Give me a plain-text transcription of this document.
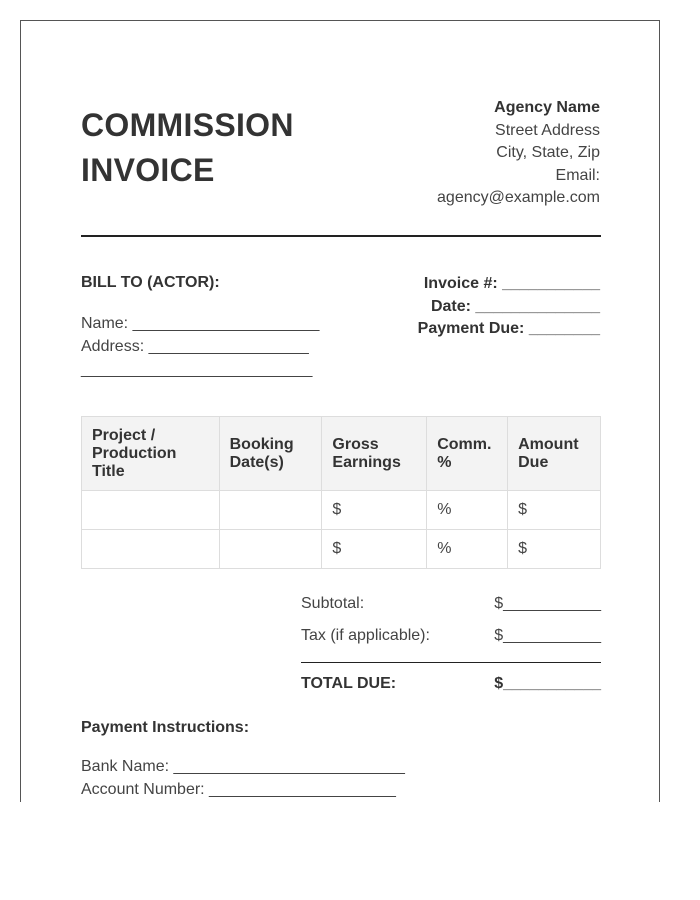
COMMISSION
INVOICE
Agency Name
Street Address
City, State, Zip
Email:
agency@example.com
BILL TO (ACTOR):
Name: _____________________
Address: __________________
__________________________
Invoice #: ___________
Date: ______________
Payment Due: ________
Project / Production Title	Booking Date(s)	Gross Earnings	Comm. %	Amount Due
		$	%	$
		$	%	$
Subtotal:	$___________
Tax (if applicable):	$___________
TOTAL DUE:	$___________
Payment Instructions:
Bank Name: __________________________
Account Number: _____________________
